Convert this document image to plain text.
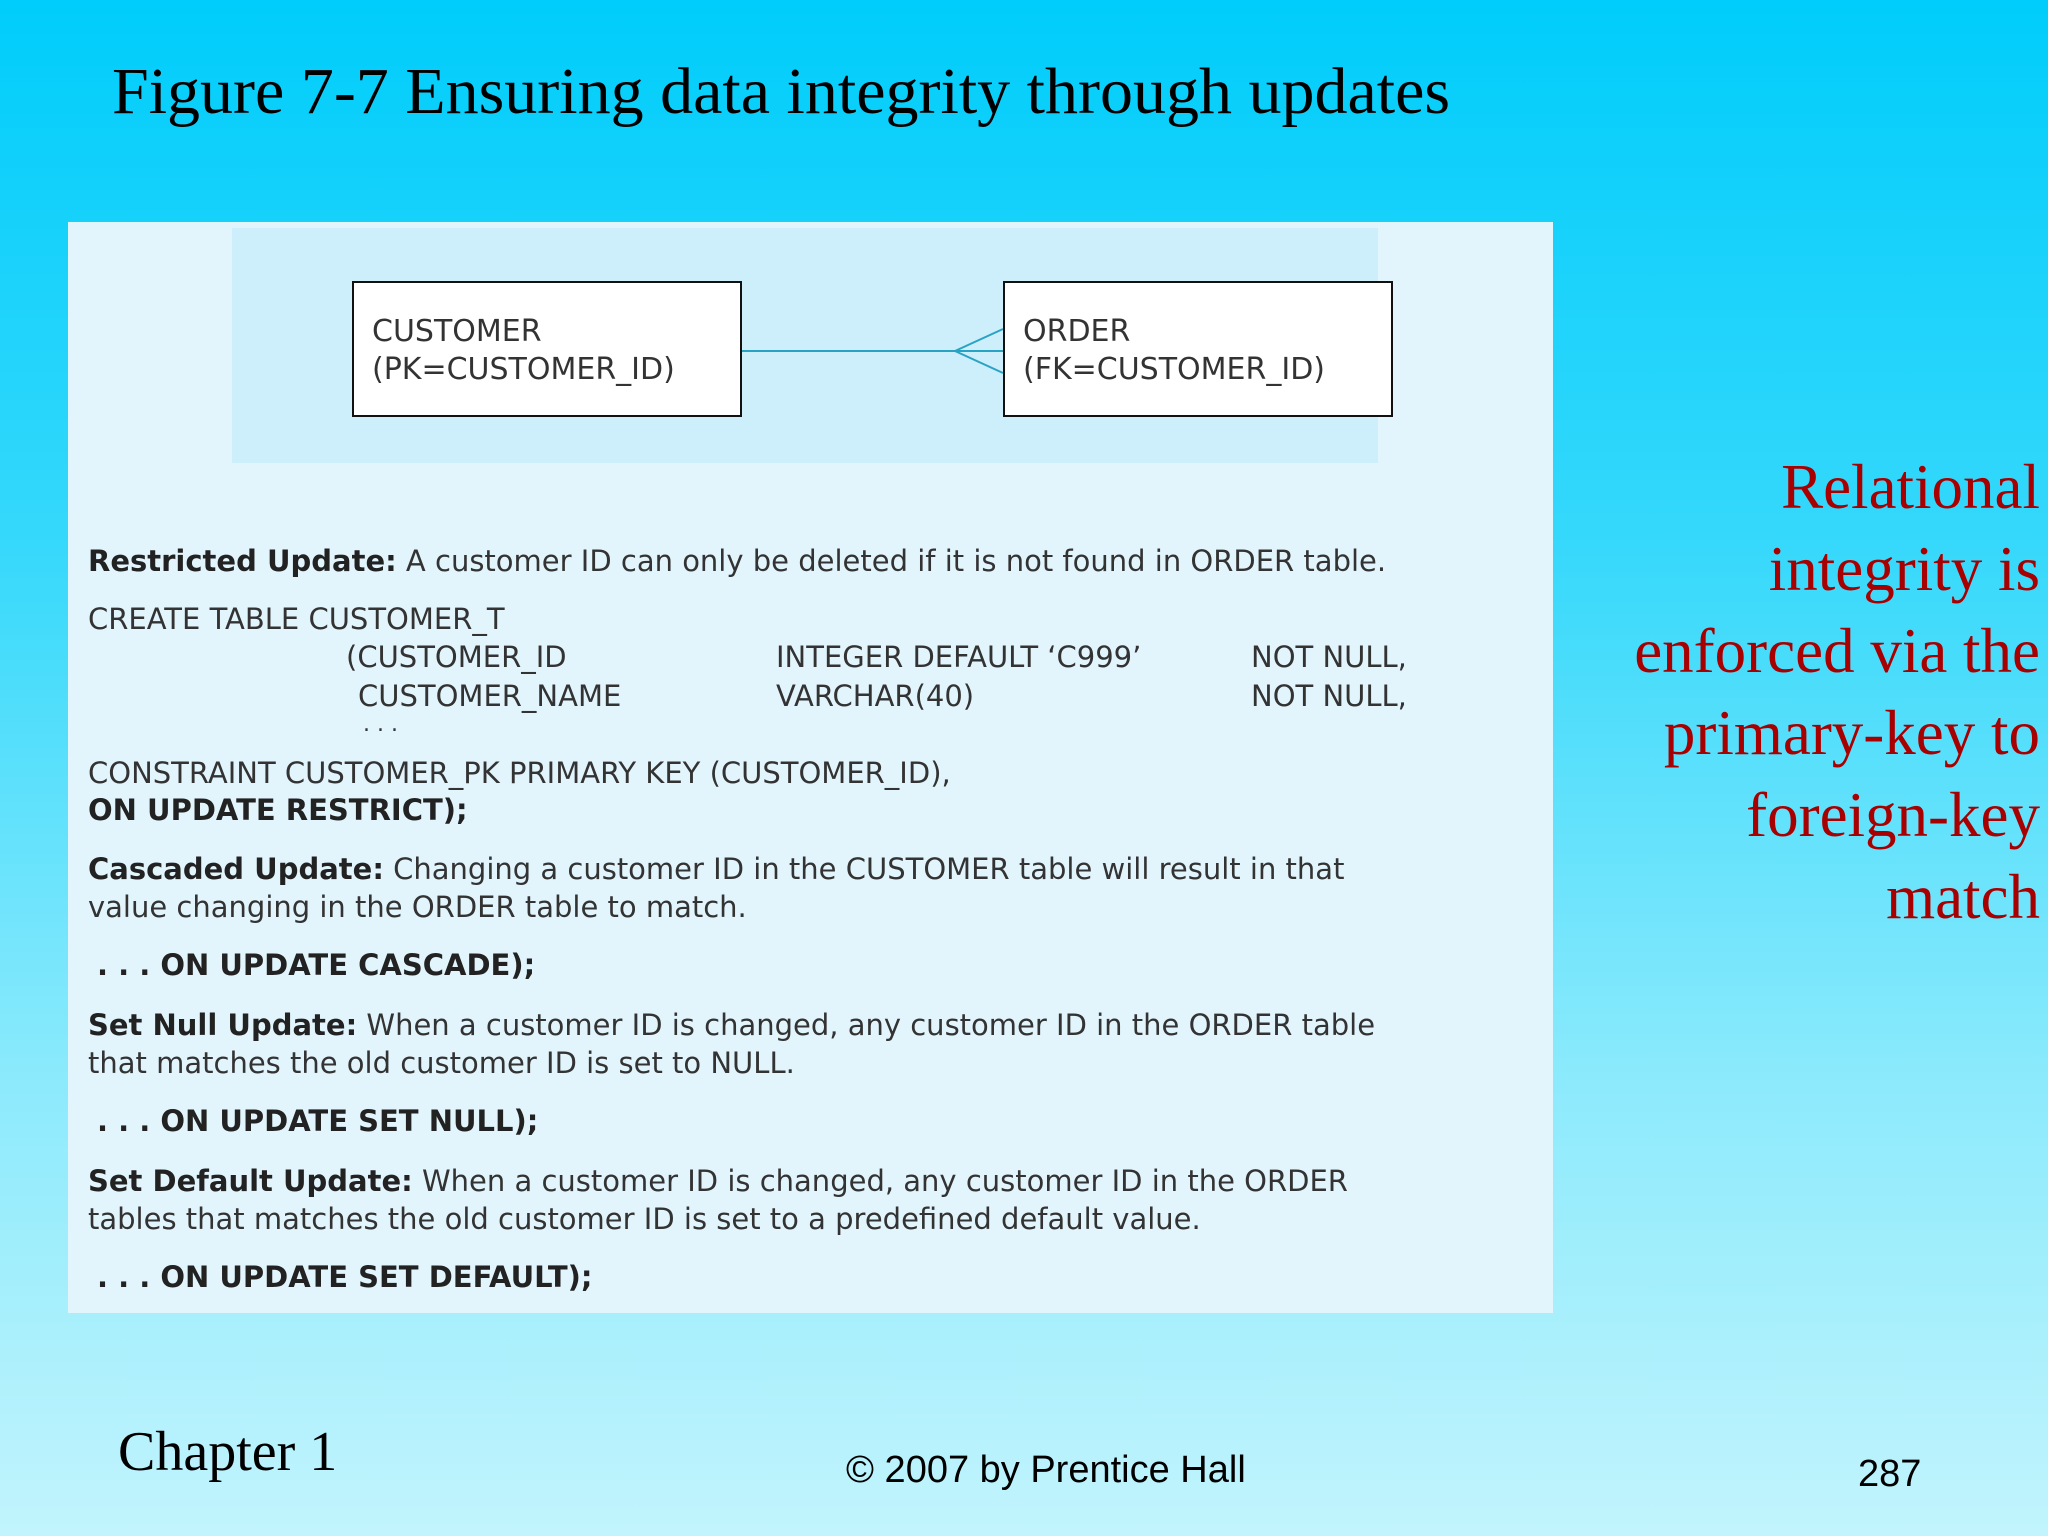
Figure 7-7 Ensuring data integrity through updates
CUSTOMER
(PK=CUSTOMER_ID)
ORDER
(FK=CUSTOMER_ID)
Restricted Update: A customer ID can only be deleted if it is not found in ORDER table.
CREATE TABLE CUSTOMER_T
(CUSTOMER_ID	INTEGER DEFAULT ‘C999’	NOT NULL,
CUSTOMER_NAME	VARCHAR(40)	NOT NULL,
. . .
CONSTRAINT CUSTOMER_PK PRIMARY KEY (CUSTOMER_ID),
ON UPDATE RESTRICT);
Cascaded Update: Changing a customer ID in the CUSTOMER table will result in that
value changing in the ORDER table to match.
. . . ON UPDATE CASCADE);
Set Null Update: When a customer ID is changed, any customer ID in the ORDER table
that matches the old customer ID is set to NULL.
. . . ON UPDATE SET NULL);
Set Default Update: When a customer ID is changed, any customer ID in the ORDER
tables that matches the old customer ID is set to a predefined default value.
. . . ON UPDATE SET DEFAULT);

Relational integrity is enforced via the primary-key to foreign-key match

Chapter 1	© 2007 by Prentice Hall	287
